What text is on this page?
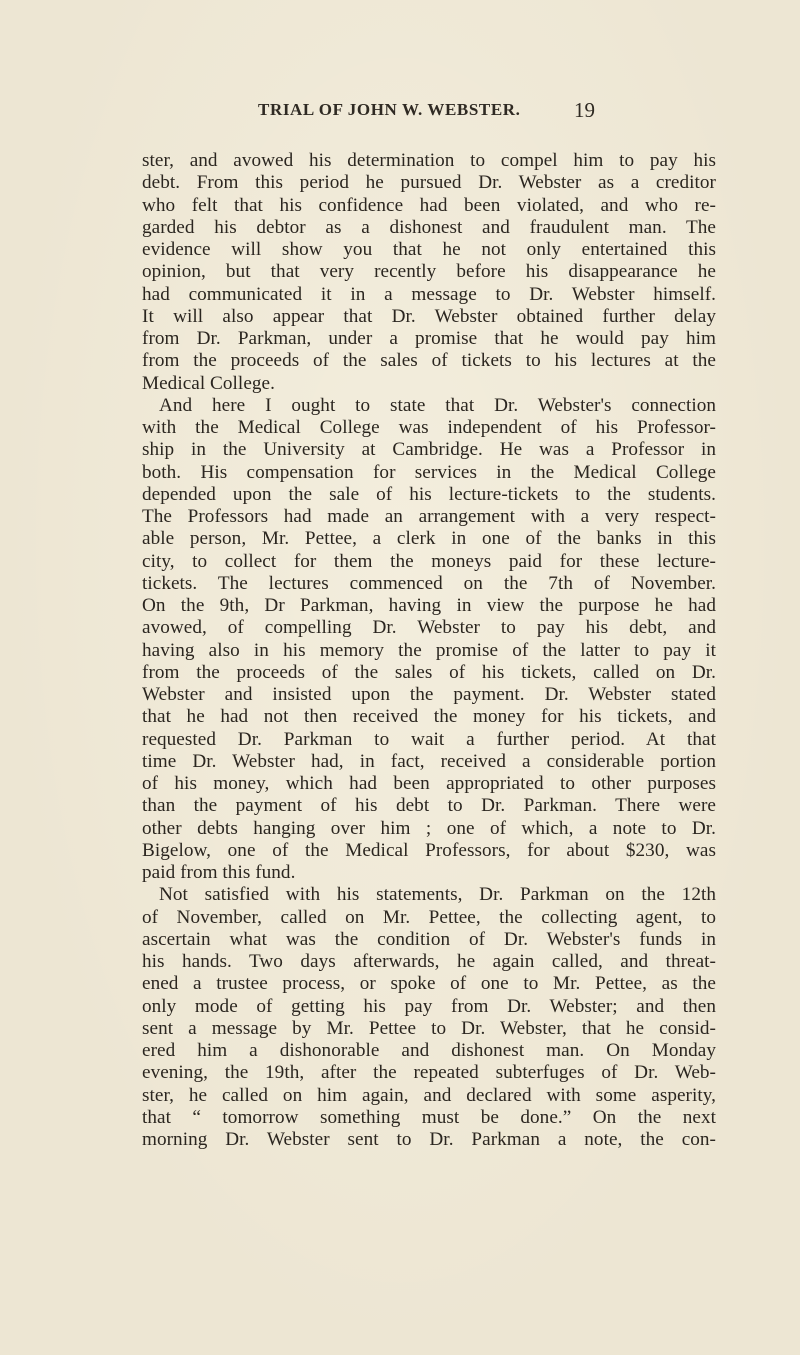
TRIAL OF JOHN W. WEBSTER.	19
ster, and avowed his determination to compel him to pay his
debt. From this period he pursued Dr. Webster as a creditor
who felt that his confidence had been violated, and who re-
garded his debtor as a dishonest and fraudulent man. The
evidence will show you that he not only entertained this
opinion, but that very recently before his disappearance he
had communicated it in a message to Dr. Webster himself.
It will also appear that Dr. Webster obtained further delay
from Dr. Parkman, under a promise that he would pay him
from the proceeds of the sales of tickets to his lectures at the
Medical College.
And here I ought to state that Dr. Webster's connection
with the Medical College was independent of his Professor-
ship in the University at Cambridge. He was a Professor in
both. His compensation for services in the Medical College
depended upon the sale of his lecture-tickets to the students.
The Professors had made an arrangement with a very respect-
able person, Mr. Pettee, a clerk in one of the banks in this
city, to collect for them the moneys paid for these lecture-
tickets. The lectures commenced on the 7th of November.
On the 9th, Dr Parkman, having in view the purpose he had
avowed, of compelling Dr. Webster to pay his debt, and
having also in his memory the promise of the latter to pay it
from the proceeds of the sales of his tickets, called on Dr.
Webster and insisted upon the payment. Dr. Webster stated
that he had not then received the money for his tickets, and
requested Dr. Parkman to wait a further period. At that
time Dr. Webster had, in fact, received a considerable portion
of his money, which had been appropriated to other purposes
than the payment of his debt to Dr. Parkman. There were
other debts hanging over him ; one of which, a note to Dr.
Bigelow, one of the Medical Professors, for about $230, was
paid from this fund.
Not satisfied with his statements, Dr. Parkman on the 12th
of November, called on Mr. Pettee, the collecting agent, to
ascertain what was the condition of Dr. Webster's funds in
his hands. Two days afterwards, he again called, and threat-
ened a trustee process, or spoke of one to Mr. Pettee, as the
only mode of getting his pay from Dr. Webster; and then
sent a message by Mr. Pettee to Dr. Webster, that he consid-
ered him a dishonorable and dishonest man. On Monday
evening, the 19th, after the repeated subterfuges of Dr. Web-
ster, he called on him again, and declared with some asperity,
that “ tomorrow something must be done.” On the next
morning Dr. Webster sent to Dr. Parkman a note, the con-
